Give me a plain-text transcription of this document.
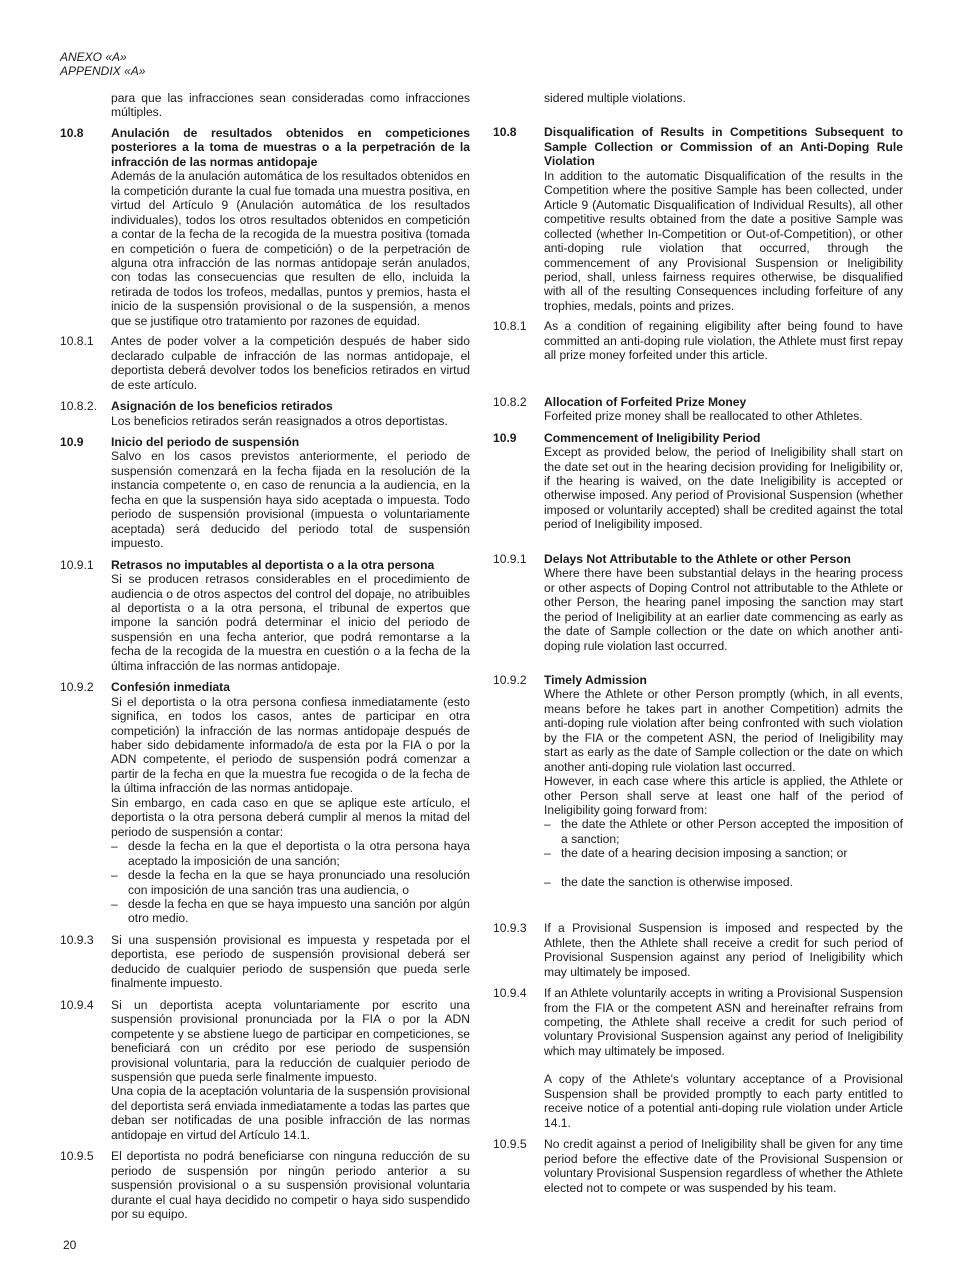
ANEXO «A»
APPENDIX «A»
para que las infracciones sean consideradas como infracciones múltiples.
10.8	Anulación de resultados obtenidos en competiciones posteriores a la toma de muestras o a la perpetración de la infracción de las normas antidopaje
Además de la anulación automática de los resultados obtenidos en la competición durante la cual fue tomada una muestra positiva, en virtud del Artículo 9 (Anulación automática de los resultados individuales), todos los otros resultados obtenidos en competición a contar de la fecha de la recogida de la muestra positiva (tomada en competición o fuera de competición) o de la perpetración de alguna otra infracción de las normas antidopaje serán anulados, con todas las consecuencias que resulten de ello, incluida la retirada de todos los trofeos, medallas, puntos y premios, hasta el inicio de la suspensión provisional o de la suspensión, a menos que se justifique otro tratamiento por razones de equidad.
10.8.1	Antes de poder volver a la competición después de haber sido declarado culpable de infracción de las normas antidopaje, el deportista deberá devolver todos los beneficios retirados en virtud de este artículo.
10.8.2.	Asignación de los beneficios retirados
Los beneficios retirados serán reasignados a otros deportistas.
10.9	Inicio del periodo de suspensión
Salvo en los casos previstos anteriormente, el periodo de suspensión comenzará en la fecha fijada en la resolución de la instancia competente o, en caso de renuncia a la audiencia, en la fecha en que la suspensión haya sido aceptada o impuesta. Todo periodo de suspensión provisional (impuesta o voluntariamente aceptada) será deducido del periodo total de suspensión impuesto.
10.9.1	Retrasos no imputables al deportista o a la otra persona
Si se producen retrasos considerables en el procedimiento de audiencia o de otros aspectos del control del dopaje, no atribuibles al deportista o a la otra persona, el tribunal de expertos que impone la sanción podrá determinar el inicio del periodo de suspensión en una fecha anterior, que podrá remontarse a la fecha de la recogida de la muestra en cuestión o a la fecha de la última infracción de las normas antidopaje.
10.9.2	Confesión inmediata
Si el deportista o la otra persona confiesa inmediatamente (esto significa, en todos los casos, antes de participar en otra competición) la infracción de las normas antidopaje después de haber sido debidamente informado/a de esta por la FIA o por la ADN competente, el periodo de suspensión podrá comenzar a partir de la fecha en que la muestra fue recogida o de la fecha de la última infracción de las normas antidopaje.
Sin embargo, en cada caso en que se aplique este artículo, el deportista o la otra persona deberá cumplir al menos la mitad del periodo de suspensión a contar:
– desde la fecha en la que el deportista o la otra persona haya aceptado la imposición de una sanción;
– desde la fecha en la que se haya pronunciado una resolución con imposición de una sanción tras una audiencia, o
– desde la fecha en que se haya impuesto una sanción por algún otro medio.
10.9.3	Si una suspensión provisional es impuesta y respetada por el deportista, ese periodo de suspensión provisional deberá ser deducido de cualquier periodo de suspensión que pueda serle finalmente impuesto.
10.9.4	Si un deportista acepta voluntariamente por escrito una suspensión provisional pronunciada por la FIA o por la ADN competente y se abstiene luego de participar en competiciones, se beneficiará con un crédito por ese periodo de suspensión provisional voluntaria, para la reducción de cualquier periodo de suspensión que pueda serle finalmente impuesto.
Una copia de la aceptación voluntaria de la suspensión provisional del deportista será enviada inmediatamente a todas las partes que deban ser notificadas de una posible infracción de las normas antidopaje en virtud del Artículo 14.1.
10.9.5	El deportista no podrá beneficiarse con ninguna reducción de su periodo de suspensión por ningún periodo anterior a su suspensión provisional o a su suspensión provisional voluntaria durante el cual haya decidido no competir o haya sido suspendido por su equipo.
sidered multiple violations.
10.8	Disqualification of Results in Competitions Subsequent to Sample Collection or Commission of an Anti-Doping Rule Violation
In addition to the automatic Disqualification of the results in the Competition where the positive Sample has been collected, under Article 9 (Automatic Disqualification of Individual Results), all other competitive results obtained from the date a positive Sample was collected (whether In-Competition or Out-of-Competition), or other anti-doping rule violation that occurred, through the commencement of any Provisional Suspension or Ineligibility period, shall, unless fairness requires otherwise, be disqualified with all of the resulting Consequences including forfeiture of any trophies, medals, points and prizes.
10.8.1	As a condition of regaining eligibility after being found to have committed an anti-doping rule violation, the Athlete must first repay all prize money forfeited under this article.
10.8.2	Allocation of Forfeited Prize Money
Forfeited prize money shall be reallocated to other Athletes.
10.9	Commencement of Ineligibility Period
Except as provided below, the period of Ineligibility shall start on the date set out in the hearing decision providing for Ineligibility or, if the hearing is waived, on the date Ineligibility is accepted or otherwise imposed. Any period of Provisional Suspension (whether imposed or voluntarily accepted) shall be credited against the total period of Ineligibility imposed.
10.9.1	Delays Not Attributable to the Athlete or other Person
Where there have been substantial delays in the hearing process or other aspects of Doping Control not attributable to the Athlete or other Person, the hearing panel imposing the sanction may start the period of Ineligibility at an earlier date commencing as early as the date of Sample collection or the date on which another anti-doping rule violation last occurred.
10.9.2	Timely Admission
Where the Athlete or other Person promptly (which, in all events, means before he takes part in another Competition) admits the anti-doping rule violation after being confronted with such violation by the FIA or the competent ASN, the period of Ineligibility may start as early as the date of Sample collection or the date on which another anti-doping rule violation last occurred.
However, in each case where this article is applied, the Athlete or other Person shall serve at least one half of the period of Ineligibility going forward from:
– the date the Athlete or other Person accepted the imposition of a sanction;
– the date of a hearing decision imposing a sanction; or
– the date the sanction is otherwise imposed.
10.9.3	If a Provisional Suspension is imposed and respected by the Athlete, then the Athlete shall receive a credit for such period of Provisional Suspension against any period of Ineligibility which may ultimately be imposed.
10.9.4	If an Athlete voluntarily accepts in writing a Provisional Suspension from the FIA or the competent ASN and hereinafter refrains from competing, the Athlete shall receive a credit for such period of voluntary Provisional Suspension against any period of Ineligibility which may ultimately be imposed.
A copy of the Athlete's voluntary acceptance of a Provisional Suspension shall be provided promptly to each party entitled to receive notice of a potential anti-doping rule violation under Article 14.1.
10.9.5	No credit against a period of Ineligibility shall be given for any time period before the effective date of the Provisional Suspension or voluntary Provisional Suspension regardless of whether the Athlete elected not to compete or was suspended by his team.
20
